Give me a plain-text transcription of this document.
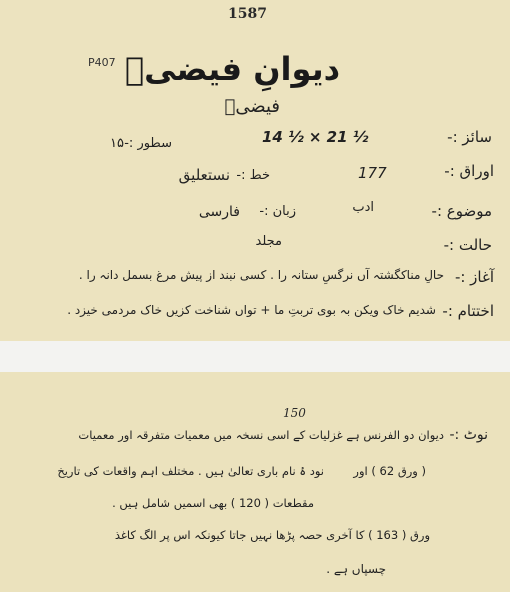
1587
P407 دیوانِ فیضیؔ
فیضیؔ
سائز :-
14 ½ × 21 ½
سطور :-
۱۵
اوراق :-
177
خط :-
نستعلیق
موضوع :-
ادب
زبان :-
فارسی
حالت :-
مجلد
آغاز :-
حالِ مناکگشتہ آں نرگسِ ستانہ را . کسی نبند از پیش مرغ بسمل دانہ را .
اختتام :-
شدیم خاک ویکن بہ بوی تربتِ ما + تواں شناخت کزیں خاک مردمی خیزد .
150
نوٹ :-
دیوان دو الفرنس ہے غزلیات کے اسی نسخہ میں معمیات متفرقہ اور معمیات
نود ۂ نام باری تعالیٰ ہیں . مختلف اہم واقعات کی تاریخ	( ورق 62 ) اور
مقطعات ( 120 ) بھی اسمیں شامل ہیں .
ورق ( 163 ) کا آخری حصہ پڑھا نہیں جاتا کیونکہ اس پر الگ کاغذ
چسپاں ہے .
